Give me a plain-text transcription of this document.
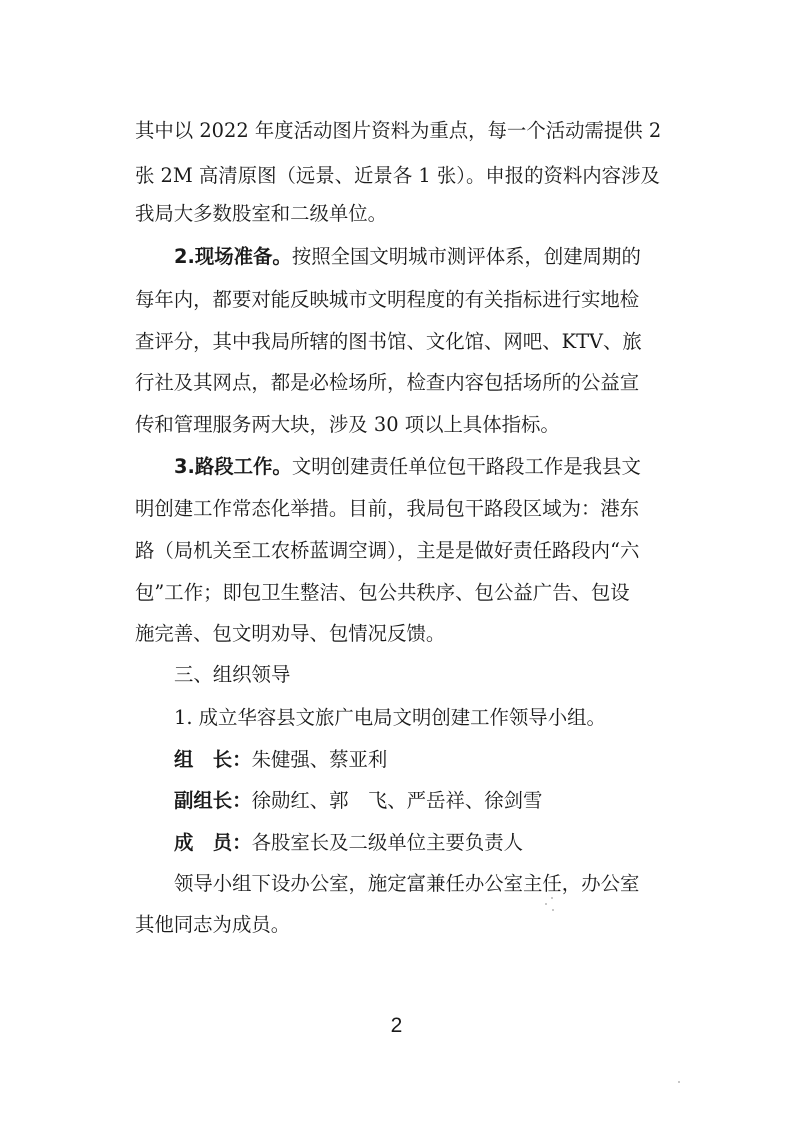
其中以 2022 年度活动图片资料为重点，每一个活动需提供 2
张 2M 高清原图（远景、近景各 1 张）。申报的资料内容涉及
我局大多数股室和二级单位。
2.现场准备。按照全国文明城市测评体系，创建周期的
每年内，都要对能反映城市文明程度的有关指标进行实地检
查评分，其中我局所辖的图书馆、文化馆、网吧、KTV、旅
行社及其网点，都是必检场所，检查内容包括场所的公益宣
传和管理服务两大块，涉及 30 项以上具体指标。
3.路段工作。文明创建责任单位包干路段工作是我县文
明创建工作常态化举措。目前，我局包干路段区域为：港东
路（局机关至工农桥蓝调空调），主是是做好责任路段内“六
包”工作；即包卫生整洁、包公共秩序、包公益广告、包设
施完善、包文明劝导、包情况反馈。
三、组织领导
1. 成立华容县文旅广电局文明创建工作领导小组。
组　长：朱健强、蔡亚利
副组长：徐勋红、郭　飞、严岳祥、徐剑雪
成　员：各股室长及二级单位主要负责人
领导小组下设办公室，施定富兼任办公室主任，办公室
其他同志为成员。
2
